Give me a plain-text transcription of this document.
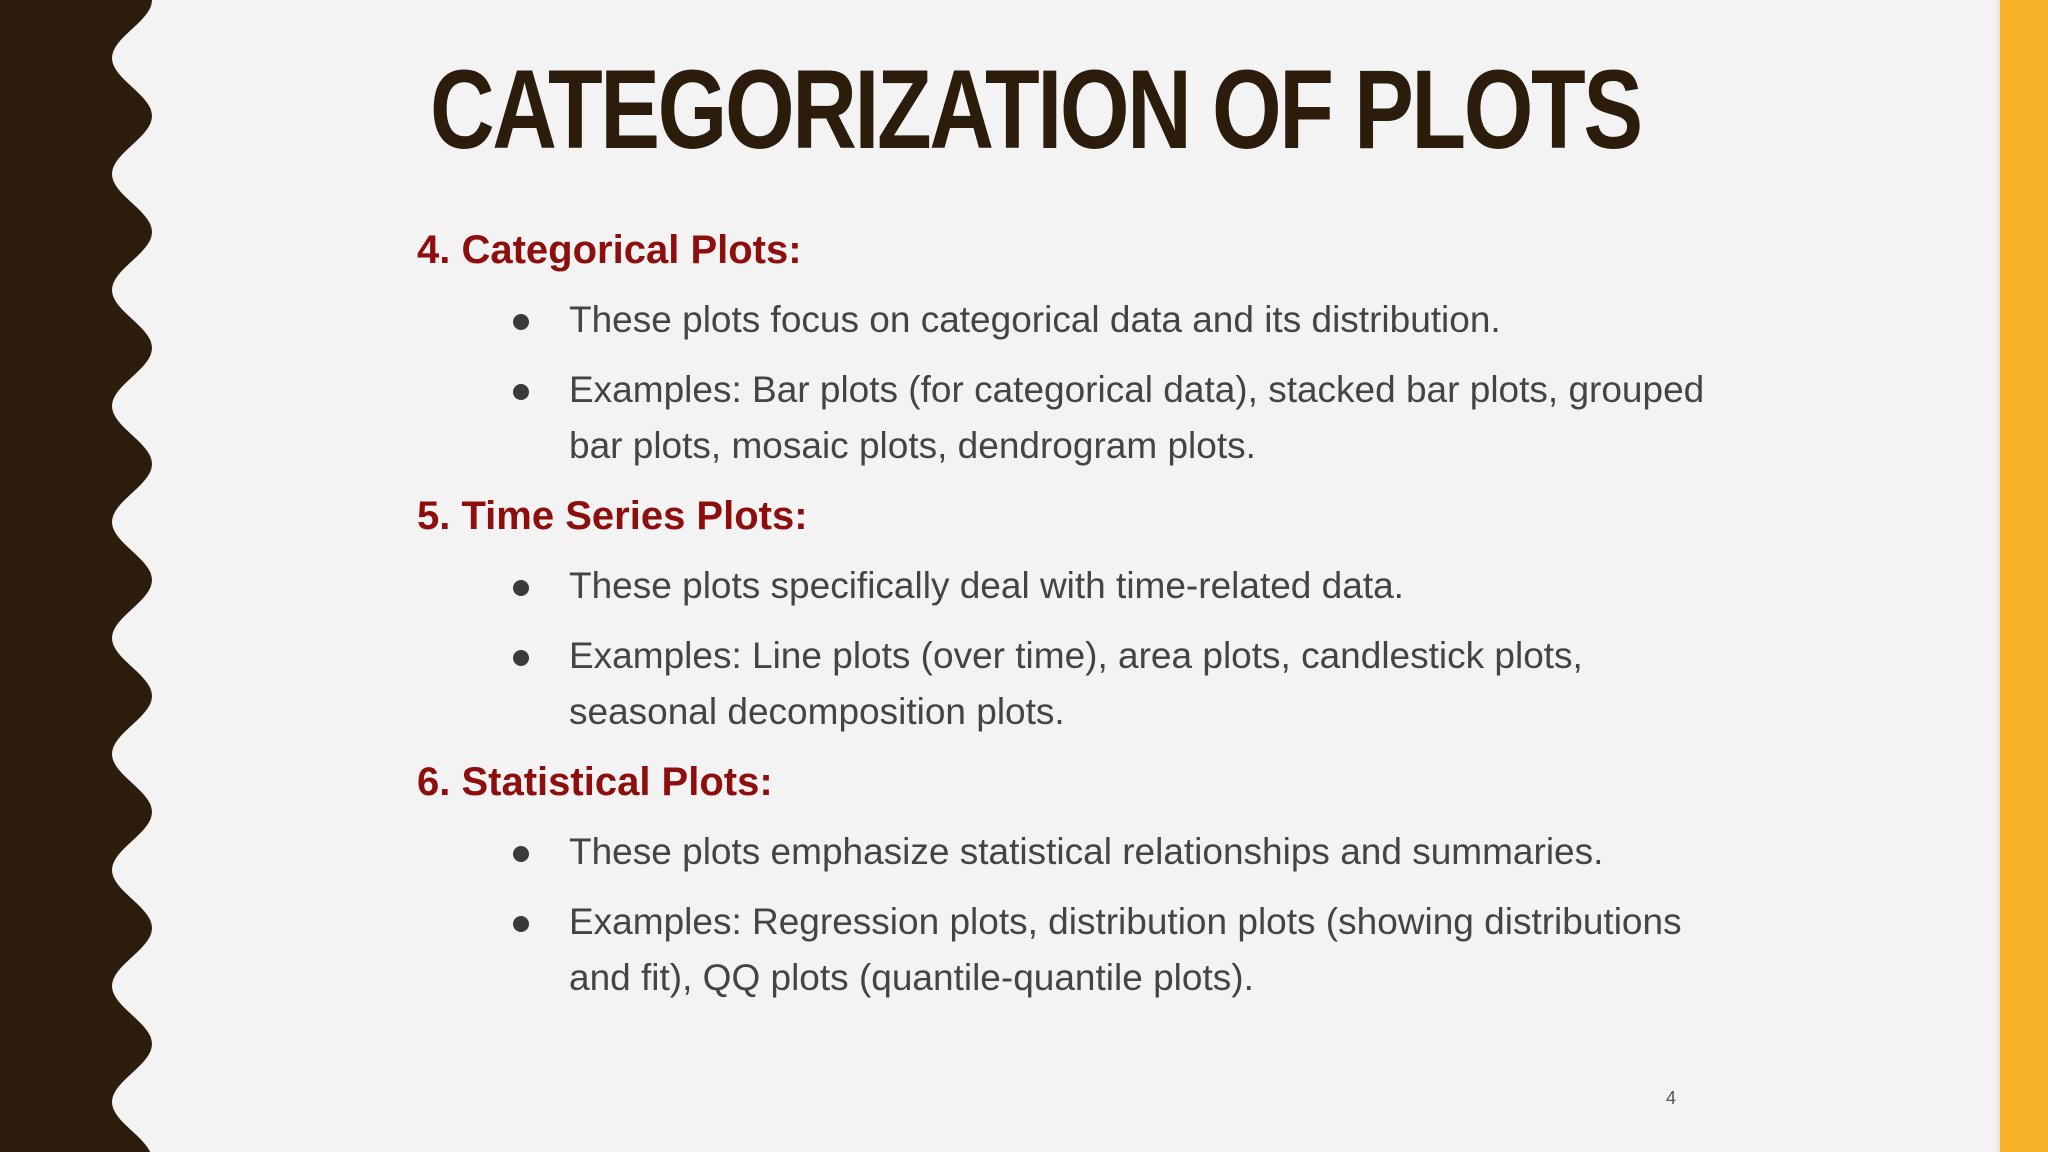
CATEGORIZATION OF PLOTS
4. Categorical Plots:
These plots focus on categorical data and its distribution.
Examples: Bar plots (for categorical data), stacked bar plots, grouped bar plots, mosaic plots, dendrogram plots.
5. Time Series Plots:
These plots specifically deal with time-related data.
Examples: Line plots (over time), area plots, candlestick plots, seasonal decomposition plots.
6. Statistical Plots:
These plots emphasize statistical relationships and summaries.
Examples: Regression plots, distribution plots (showing distributions and fit), QQ plots (quantile-quantile plots).
4
